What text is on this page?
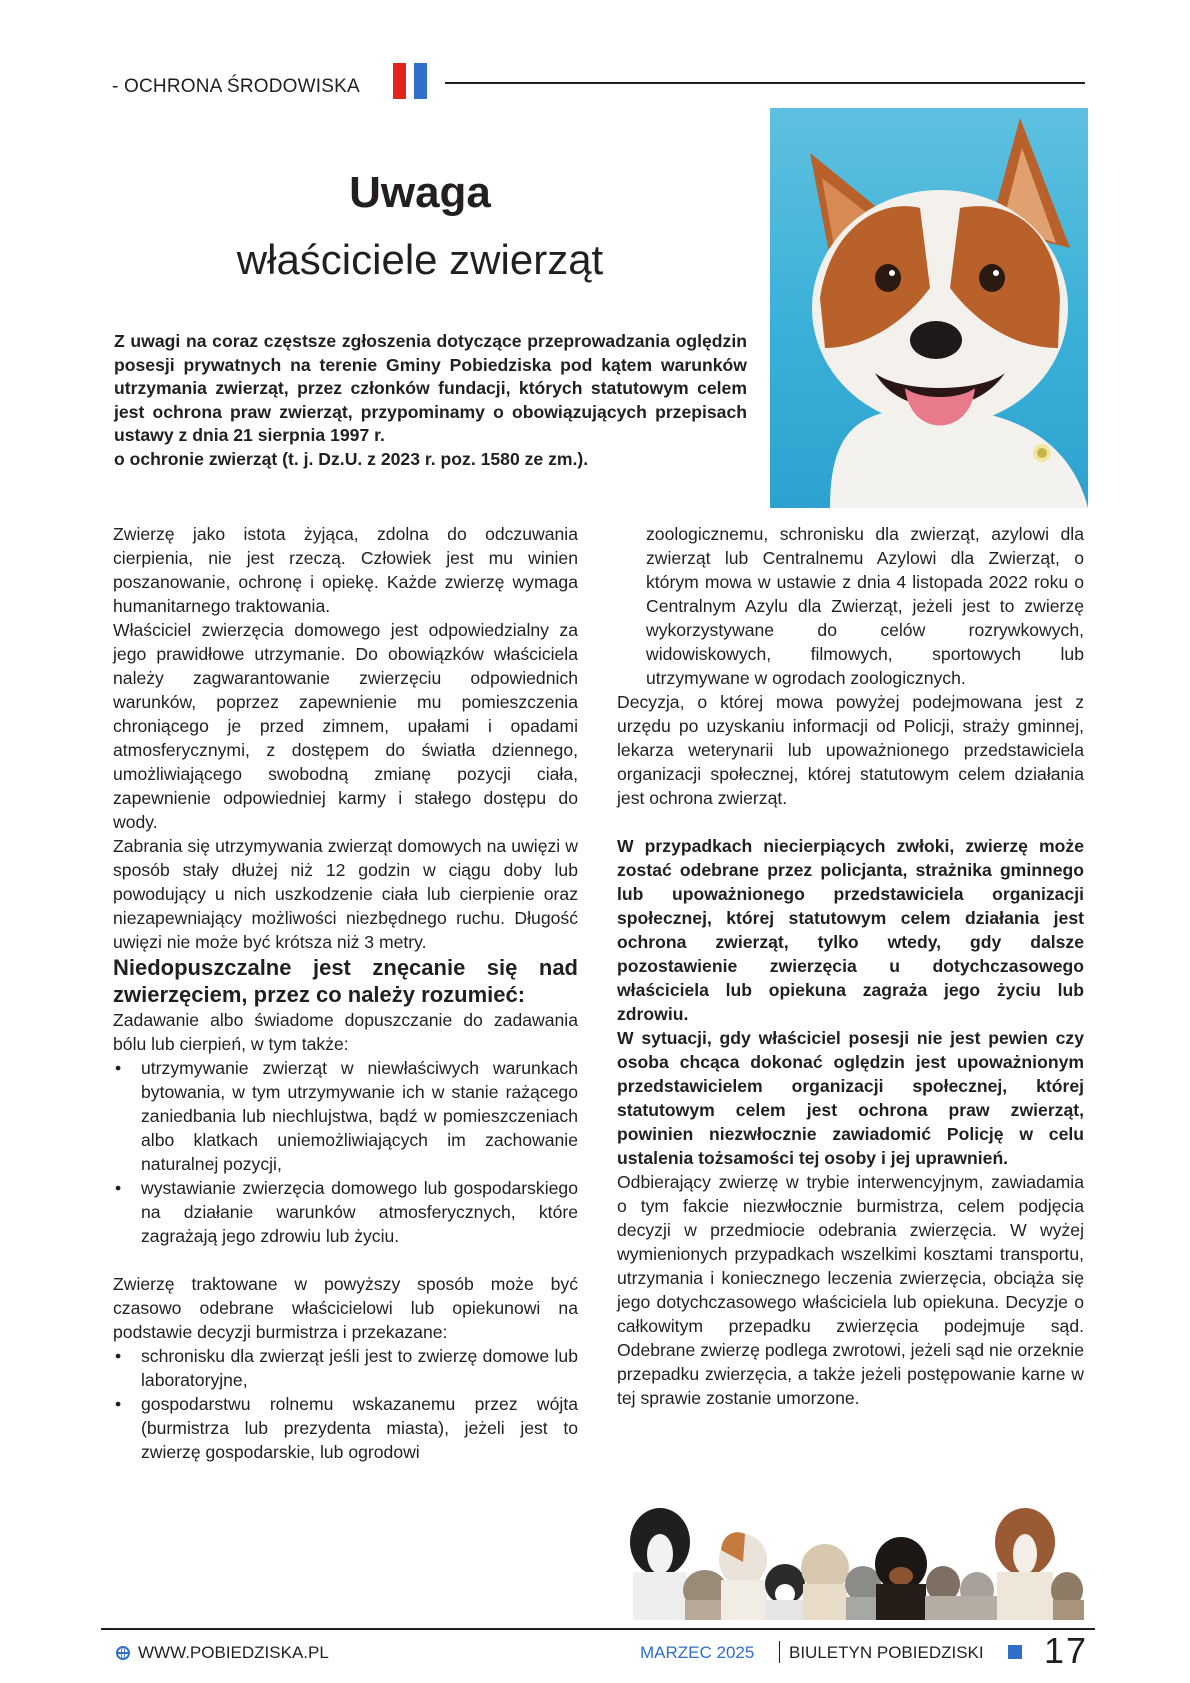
- OCHRONA ŚRODOWISKA
Uwaga
właściciele zwierząt
Z uwagi na coraz częstsze zgłoszenia dotyczące przeprowadzania oględzin posesji prywatnych na terenie Gminy Pobiedziska pod kątem warunków utrzymania zwierząt, przez członków fundacji, których statutowym celem jest ochrona praw zwierząt, przypominamy o obowiązujących przepisach ustawy z dnia 21 sierpnia 1997 r.
o ochronie zwierząt (t. j. Dz.U. z 2023 r. poz. 1580 ze zm.).

Zwierzę jako istota żyjąca, zdolna do odczuwania cierpienia, nie jest rzeczą. Człowiek jest mu winien poszanowanie, ochronę i opiekę. Każde zwierzę wymaga humanitarnego traktowania.

Właściciel zwierzęcia domowego jest odpowiedzialny za jego prawidłowe utrzymanie. Do obowiązków właściciela należy zagwarantowanie zwierzęciu odpowiednich warunków, poprzez zapewnienie mu pomieszczenia chroniącego je przed zimnem, upałami i opadami atmosferycznymi, z dostępem do światła dziennego, umożliwiającego swobodną zmianę pozycji ciała, zapewnienie odpowiedniej karmy i stałego dostępu do wody.

Zabrania się utrzymywania zwierząt domowych na uwięzi w sposób stały dłużej niż 12 godzin w ciągu doby lub powodujący u nich uszkodzenie ciała lub cierpienie oraz niezapewniający możliwości niezbędnego ruchu. Długość uwięzi nie może być krótsza niż 3 metry.

Niedopuszczalne jest znęcanie się nad zwierzęciem, przez co należy rozumieć:

Zadawanie albo świadome dopuszczanie do zadawania bólu lub cierpień, w tym także:

• utrzymywanie zwierząt w niewłaściwych warunkach bytowania, w tym utrzymywanie ich w stanie rażącego zaniedbania lub niechlujstwa, bądź w pomieszczeniach albo klatkach uniemożliwiających im zachowanie naturalnej pozycji,
• wystawianie zwierzęcia domowego lub gospodarskiego na działanie warunków atmosferycznych, które zagrażają jego zdrowiu lub życiu.

Zwierzę traktowane w powyższy sposób może być czasowo odebrane właścicielowi lub opiekunowi na podstawie decyzji burmistrza i przekazane:

• schronisku dla zwierząt jeśli jest to zwierzę domowe lub laboratoryjne,
• gospodarstwu rolnemu wskazanemu przez wójta (burmistrza lub prezydenta miasta), jeżeli jest to zwierzę gospodarskie, lub ogrodowi

zoologicznemu, schronisku dla zwierząt, azylowi dla zwierząt lub Centralnemu Azylowi dla Zwierząt, o którym mowa w ustawie z dnia 4 listopada 2022 roku o Centralnym Azylu dla Zwierząt, jeżeli jest to zwierzę wykorzystywane do celów rozrywkowych, widowiskowych, filmowych, sportowych lub utrzymywane w ogrodach zoologicznych.

Decyzja, o której mowa powyżej podejmowana jest z urzędu po uzyskaniu informacji od Policji, straży gminnej, lekarza weterynarii lub upoważnionego przedstawiciela organizacji społecznej, której statutowym celem działania jest ochrona zwierząt.

W przypadkach niecierpiących zwłoki, zwierzę może zostać odebrane przez policjanta, strażnika gminnego lub upoważnionego przedstawiciela organizacji społecznej, której statutowym celem działania jest ochrona zwierząt, tylko wtedy, gdy dalsze pozostawienie zwierzęcia u dotychczasowego właściciela lub opiekuna zagraża jego życiu lub zdrowiu.

W sytuacji, gdy właściciel posesji nie jest pewien czy osoba chcąca dokonać oględzin jest upoważnionym przedstawicielem organizacji społecznej, której statutowym celem jest ochrona praw zwierząt, powinien niezwłocznie zawiadomić Policję w celu ustalenia tożsamości tej osoby i jej uprawnień.

Odbierający zwierzę w trybie interwencyjnym, zawiadamia o tym fakcie niezwłocznie burmistrza, celem podjęcia decyzji w przedmiocie odebrania zwierzęcia. W wyżej wymienionych przypadkach wszelkimi kosztami transportu, utrzymania i koniecznego leczenia zwierzęcia, obciąża się jego dotychczasowego właściciela lub opiekuna. Decyzje o całkowitym przepadku zwierzęcia podejmuje sąd. Odebrane zwierzę podlega zwrotowi, jeżeli sąd nie orzeknie przepadku zwierzęcia, a także jeżeli postępowanie karne w tej sprawie zostanie umorzone.

WWW.POBIEDZISKA.PL	MARZEC 2025 BIULETYN POBIEDZISKI 17
